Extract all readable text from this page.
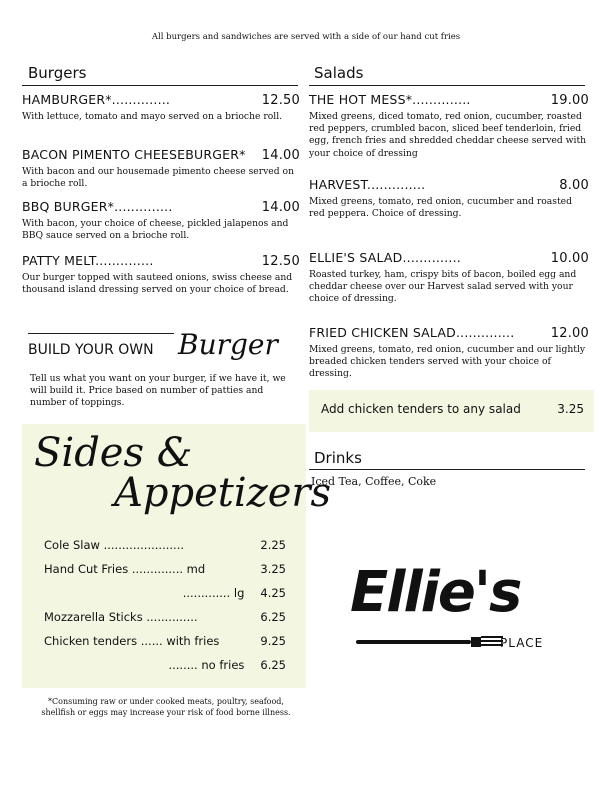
All burgers and sandwiches are served with a side of our hand cut fries
Burgers
HAMBURGER*..............	12.50
With lettuce, tomato and mayo served on a brioche roll.
BACON PIMENTO CHEESEBURGER* 14.00
With bacon and our housemade pimento cheese served on a brioche roll.
BBQ BURGER*..............	14.00
With bacon, your choice of cheese, pickled jalapenos and BBQ sauce served on a brioche roll.
PATTY MELT..............	12.50
Our burger topped with sauteed onions, swiss cheese and thousand island dressing served on your choice of bread.
BUILD YOUR OWN Burger
Tell us what you want on your burger, if we have it, we will build it. Price based on number of patties and number of toppings.
Sides &
Appetizers
Cole Slaw ......................	2.25
Hand Cut Fries .............. md	3.25
............. lg 4.25
Mozzarella Sticks ..............	6.25
Chicken tenders ...... with fries	9.25
........ no fries 6.25
*Consuming raw or under cooked meats, poultry, seafood, shellfish or eggs may increase your risk of food borne illness.
Salads
THE HOT MESS*..............	19.00
Mixed greens, diced tomato, red onion, cucumber, roasted red peppers, crumbled bacon, sliced beef tenderloin, fried egg, french fries and shredded cheddar cheese served with your choice of dressing
HARVEST..............	8.00
Mixed greens, tomato, red onion, cucumber and roasted red peppera. Choice of dressing.
ELLIE'S SALAD..............	10.00
Roasted turkey, ham, crispy bits of bacon, boiled egg and cheddar cheese over our Harvest salad served with your choice of dressing.
FRIED CHICKEN SALAD..............	12.00
Mixed greens, tomato, red onion, cucumber and our lightly breaded chicken tenders served with your choice of dressing.
Add chicken tenders to any salad	3.25
Drinks
Iced Tea, Coffee, Coke
Ellie's
PLACE
